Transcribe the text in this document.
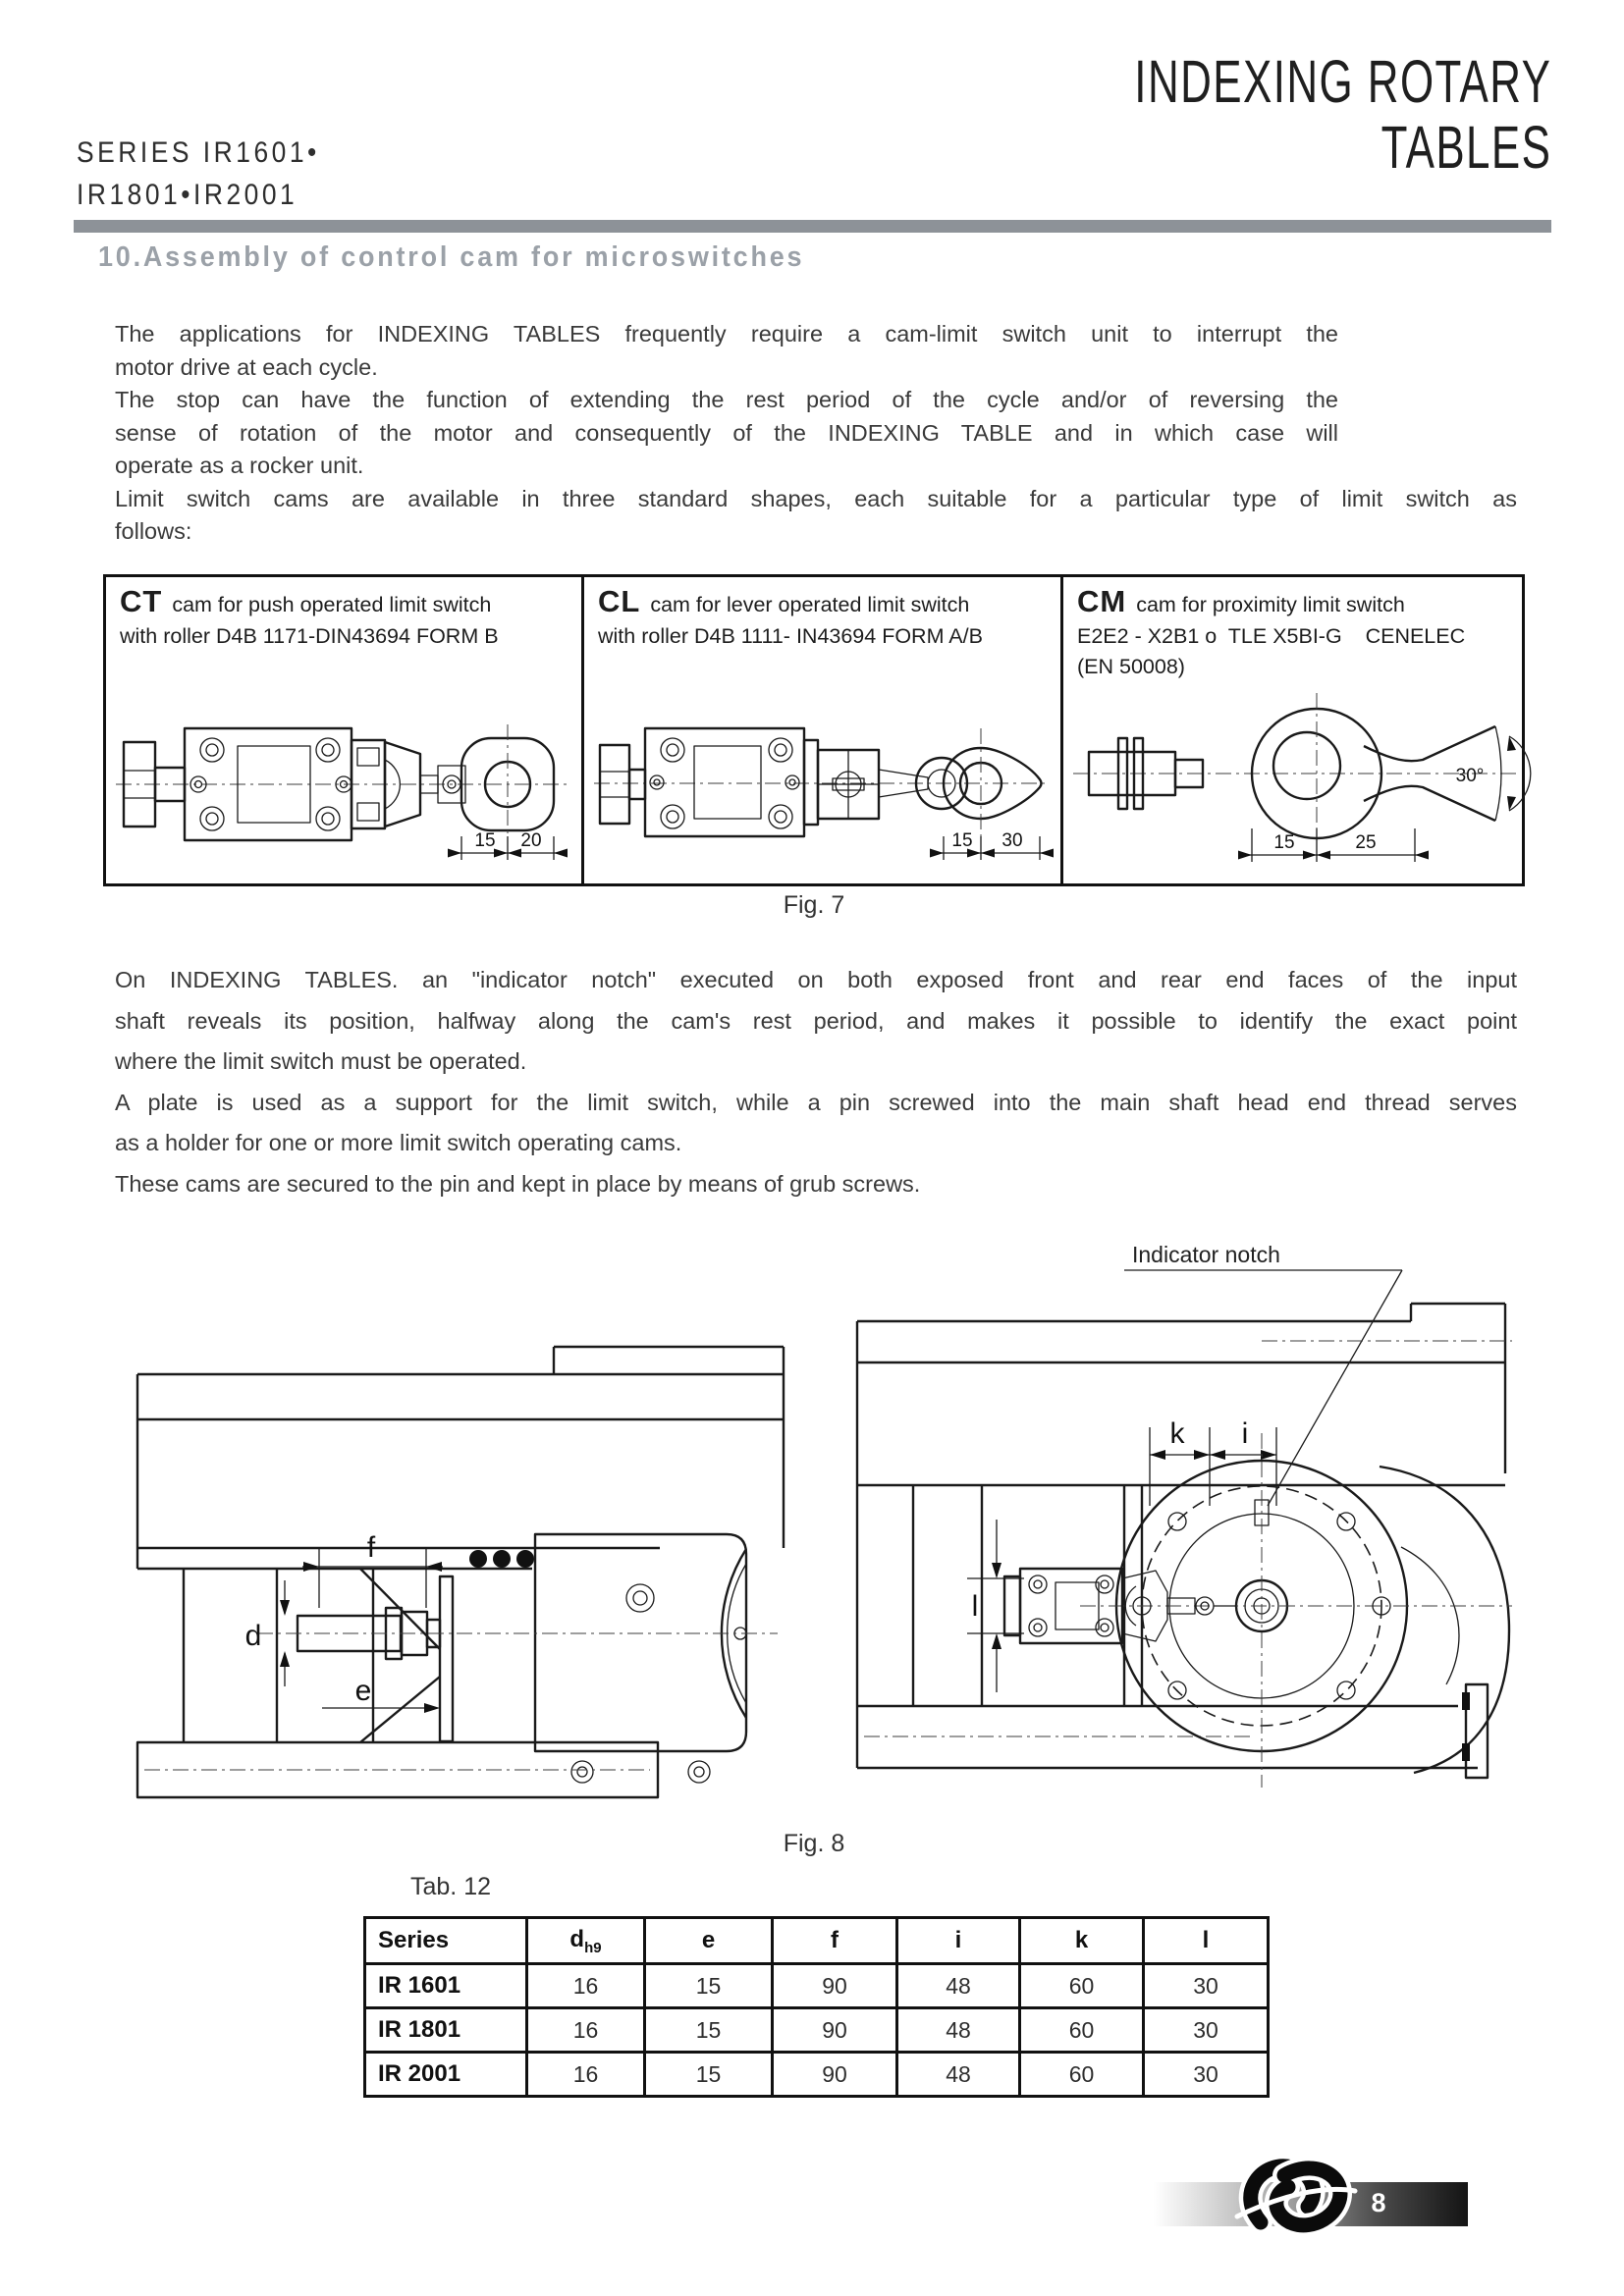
SERIES IR1601•
IR1801•IR2001
INDEXING ROTARY
TABLES
10.Assembly of control cam for microswitches
The applications for INDEXING TABLES frequently require a cam-limit switch unit to interrupt the
motor drive at each cycle.
The stop can have the function of extending the rest period of the cycle and/or of reversing the
sense of rotation of the motor and consequently of the INDEXING TABLE and in which case will
operate as a rocker unit.
Limit switch cams are available in three standard shapes, each suitable for a particular type of limit switch as
follows:
CT cam for push operated limit switch
with roller D4B 1171-DIN43694 FORM B
15 20
CL cam for lever operated limit switch
with roller D4B 1111- IN43694 FORM A/B
15 30
CM cam for proximity limit switch
E2E2 - X2B1 o  TLE X5BI-G    CENELEC
(EN 50008)
30°
15	25
Fig. 7
On INDEXING TABLES. an "indicator notch" executed on both exposed front and rear end faces of the input
shaft reveals its position, halfway along the cam's rest period, and makes it possible to identify the exact point
where the limit switch must be operated.
A plate is used as a support for the limit switch, while a pin screwed into the main shaft head end thread serves
as a holder for one or more limit switch operating cams.
These cams are secured to the pin and kept in place by means of grub screws.
f
d
e
Indicator notch
k i
l
Fig. 8
Tab. 12
Series	$d_{h9}$	e	f	i	k	l
IR 1601	16	15	90	48	60	30
IR 1801	16	15	90	48	60	30
IR 2001	16	15	90	48	60	30
8
